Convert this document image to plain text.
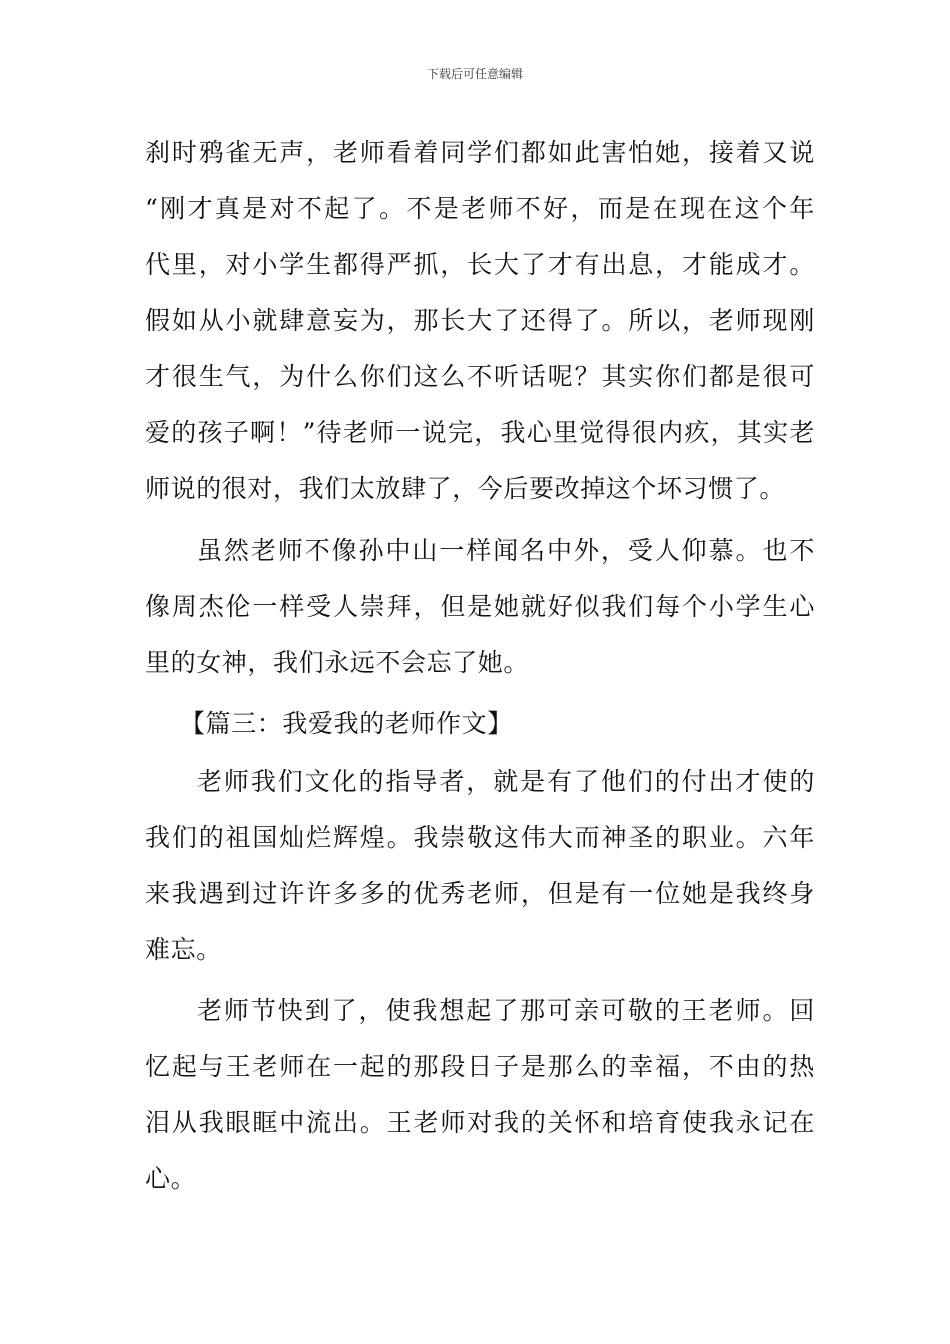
下载后可任意编辑
刹时鸦雀无声，老师看着同学们都如此害怕她，接着又说
“刚才真是对不起了。不是老师不好，而是在现在这个年
代里，对小学生都得严抓，长大了才有出息，才能成才。
假如从小就肆意妄为，那长大了还得了。所以，老师现刚
才很生气，为什么你们这么不听话呢？其实你们都是很可
爱的孩子啊！”待老师一说完，我心里觉得很内疚，其实老
师说的很对，我们太放肆了，今后要改掉这个坏习惯了。
虽然老师不像孙中山一样闻名中外，受人仰慕。也不
像周杰伦一样受人崇拜，但是她就好似我们每个小学生心
里的女神，我们永远不会忘了她。
【篇三：我爱我的老师作文】
老师我们文化的指导者，就是有了他们的付出才使的
我们的祖国灿烂辉煌。我崇敬这伟大而神圣的职业。六年
来我遇到过许许多多的优秀老师，但是有一位她是我终身
难忘。
老师节快到了，使我想起了那可亲可敬的王老师。回
忆起与王老师在一起的那段日子是那么的幸福，不由的热
泪从我眼眶中流出。王老师对我的关怀和培育使我永记在
心。
